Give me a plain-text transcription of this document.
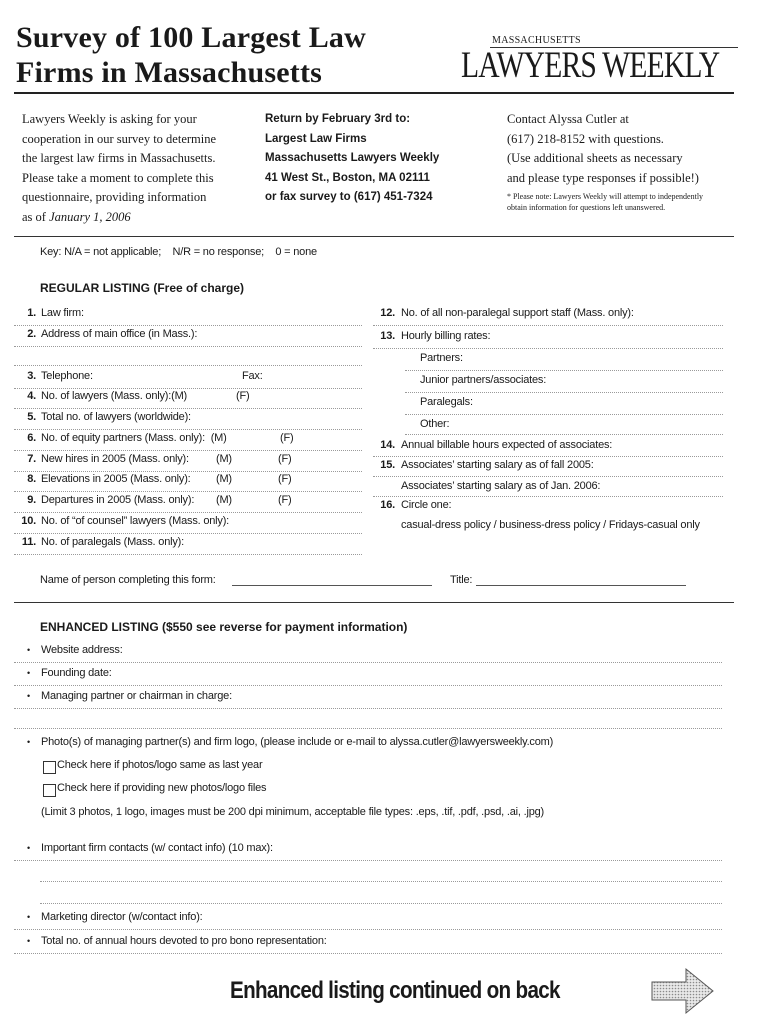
Survey of 100 Largest Law
Firms in Massachusetts
MASSACHUSETTS
LAWYERS WEEKLY
Lawyers Weekly is asking for your
cooperation in our survey to determine
the largest law firms in Massachusetts.
Please take a moment to complete this
questionnaire, providing information
as of January 1, 2006
Return by February 3rd to:
Largest Law Firms
Massachusetts Lawyers Weekly
41 West St., Boston, MA 02111
or fax survey to (617) 451-7324
Contact Alyssa Cutler at
(617) 218-8152 with questions.
(Use additional sheets as necessary
and please type responses if possible!)
* Please note: Lawyers Weekly will attempt to independently
obtain information for questions left unanswered.
Key: N/A = not applicable;    N/R = no response;    0 = none
REGULAR LISTING (Free of charge)
1. Law firm:
2. Address of main office (in Mass.):
3. Telephone:	Fax:
4. No. of lawyers (Mass. only):(M)	(F)
5. Total no. of lawyers (worldwide):
6. No. of equity partners (Mass. only):  (M)	(F)
7. New hires in 2005 (Mass. only): (M)	(F)
8. Elevations in 2005 (Mass. only): (M)	(F)
9. Departures in 2005 (Mass. only): (M)	(F)
10. No. of “of counsel” lawyers (Mass. only):
11. No. of paralegals (Mass. only):
12. No. of all non-paralegal support staff (Mass. only):
13. Hourly billing rates:
Partners:
Junior partners/associates:
Paralegals:
Other:
14. Annual billable hours expected of associates:
15. Associates’ starting salary as of fall 2005:
Associates’ starting salary as of Jan. 2006:
16. Circle one:
casual-dress policy / business-dress policy / Fridays-casual only
Name of person completing this form:	Title:
ENHANCED LISTING ($550 see reverse for payment information)
• Website address:
• Founding date:
• Managing partner or chairman in charge:
• Photo(s) of managing partner(s) and firm logo, (please include or e-mail to alyssa.cutler@lawyersweekly.com)
Check here if photos/logo same as last year
Check here if providing new photos/logo files
(Limit 3 photos, 1 logo, images must be 200 dpi minimum, acceptable file types: .eps, .tif, .pdf, .psd, .ai, .jpg)
• Important firm contacts (w/ contact info) (10 max):
• Marketing director (w/contact info):
• Total no. of annual hours devoted to pro bono representation:
Enhanced listing continued on back
